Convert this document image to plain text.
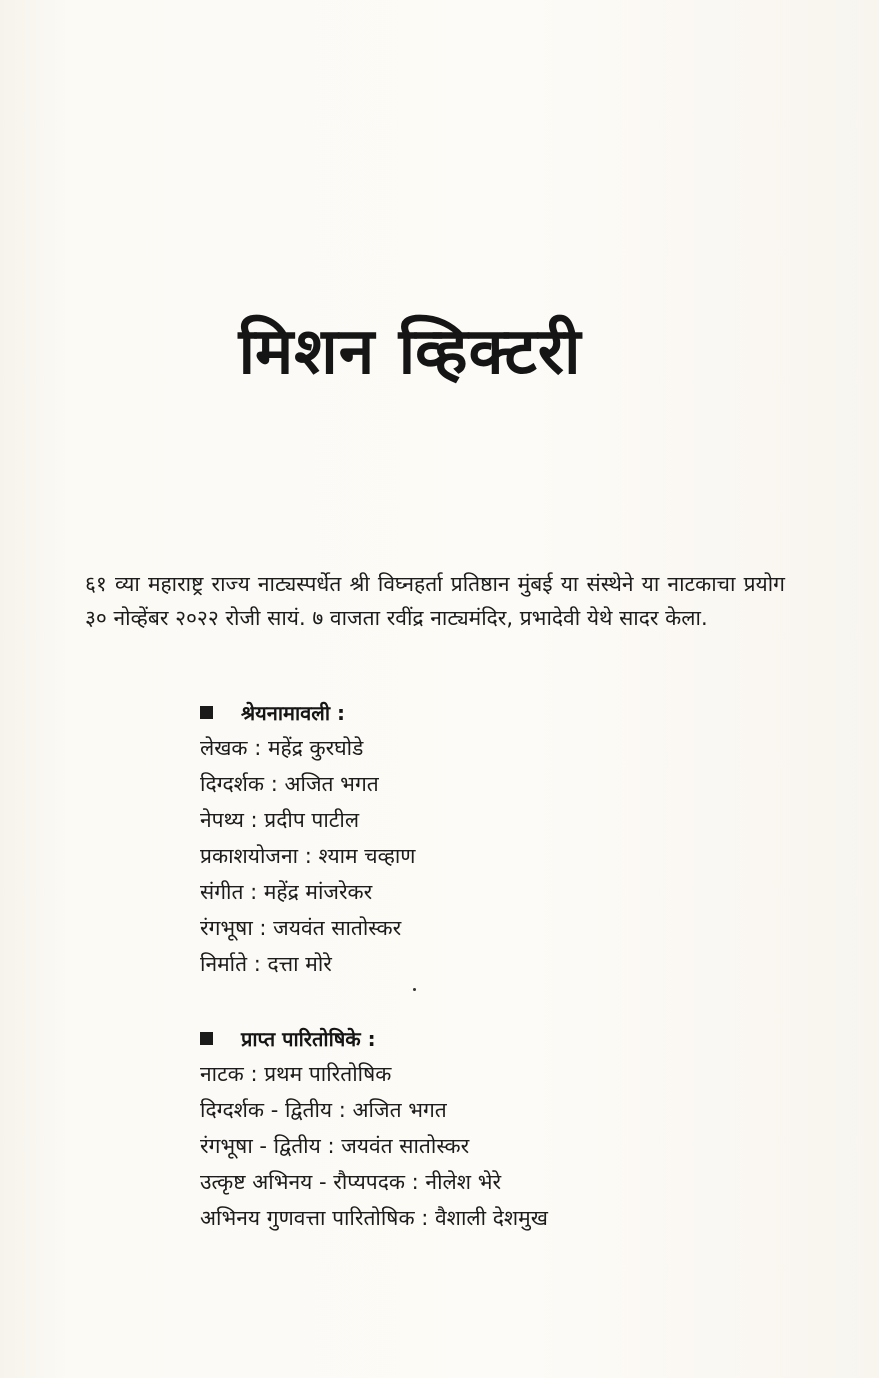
मिशन व्हिक्टरी

६१ व्या महाराष्ट्र राज्य नाट्यस्पर्धेत श्री विघ्नहर्ता प्रतिष्ठान मुंबई या संस्थेने या नाटकाचा प्रयोग ३० नोव्हेंबर २०२२ रोजी सायं. ७ वाजता रवींद्र नाट्यमंदिर, प्रभादेवी येथे सादर केला.

श्रेयनामावली :
लेखक : महेंद्र कुरघोडे
दिग्दर्शक : अजित भगत
नेपथ्य : प्रदीप पाटील
प्रकाशयोजना : श्याम चव्हाण
संगीत : महेंद्र मांजरेकर
रंगभूषा : जयवंत सातोस्कर
निर्माते : दत्ता मोरे
प्राप्त पारितोषिके :
नाटक : प्रथम पारितोषिक
दिग्दर्शक - द्वितीय : अजित भगत
रंगभूषा - द्वितीय : जयवंत सातोस्कर
उत्कृष्ट अभिनय - रौप्यपदक : नीलेश भेरे
अभिनय गुणवत्ता पारितोषिक : वैशाली देशमुख
